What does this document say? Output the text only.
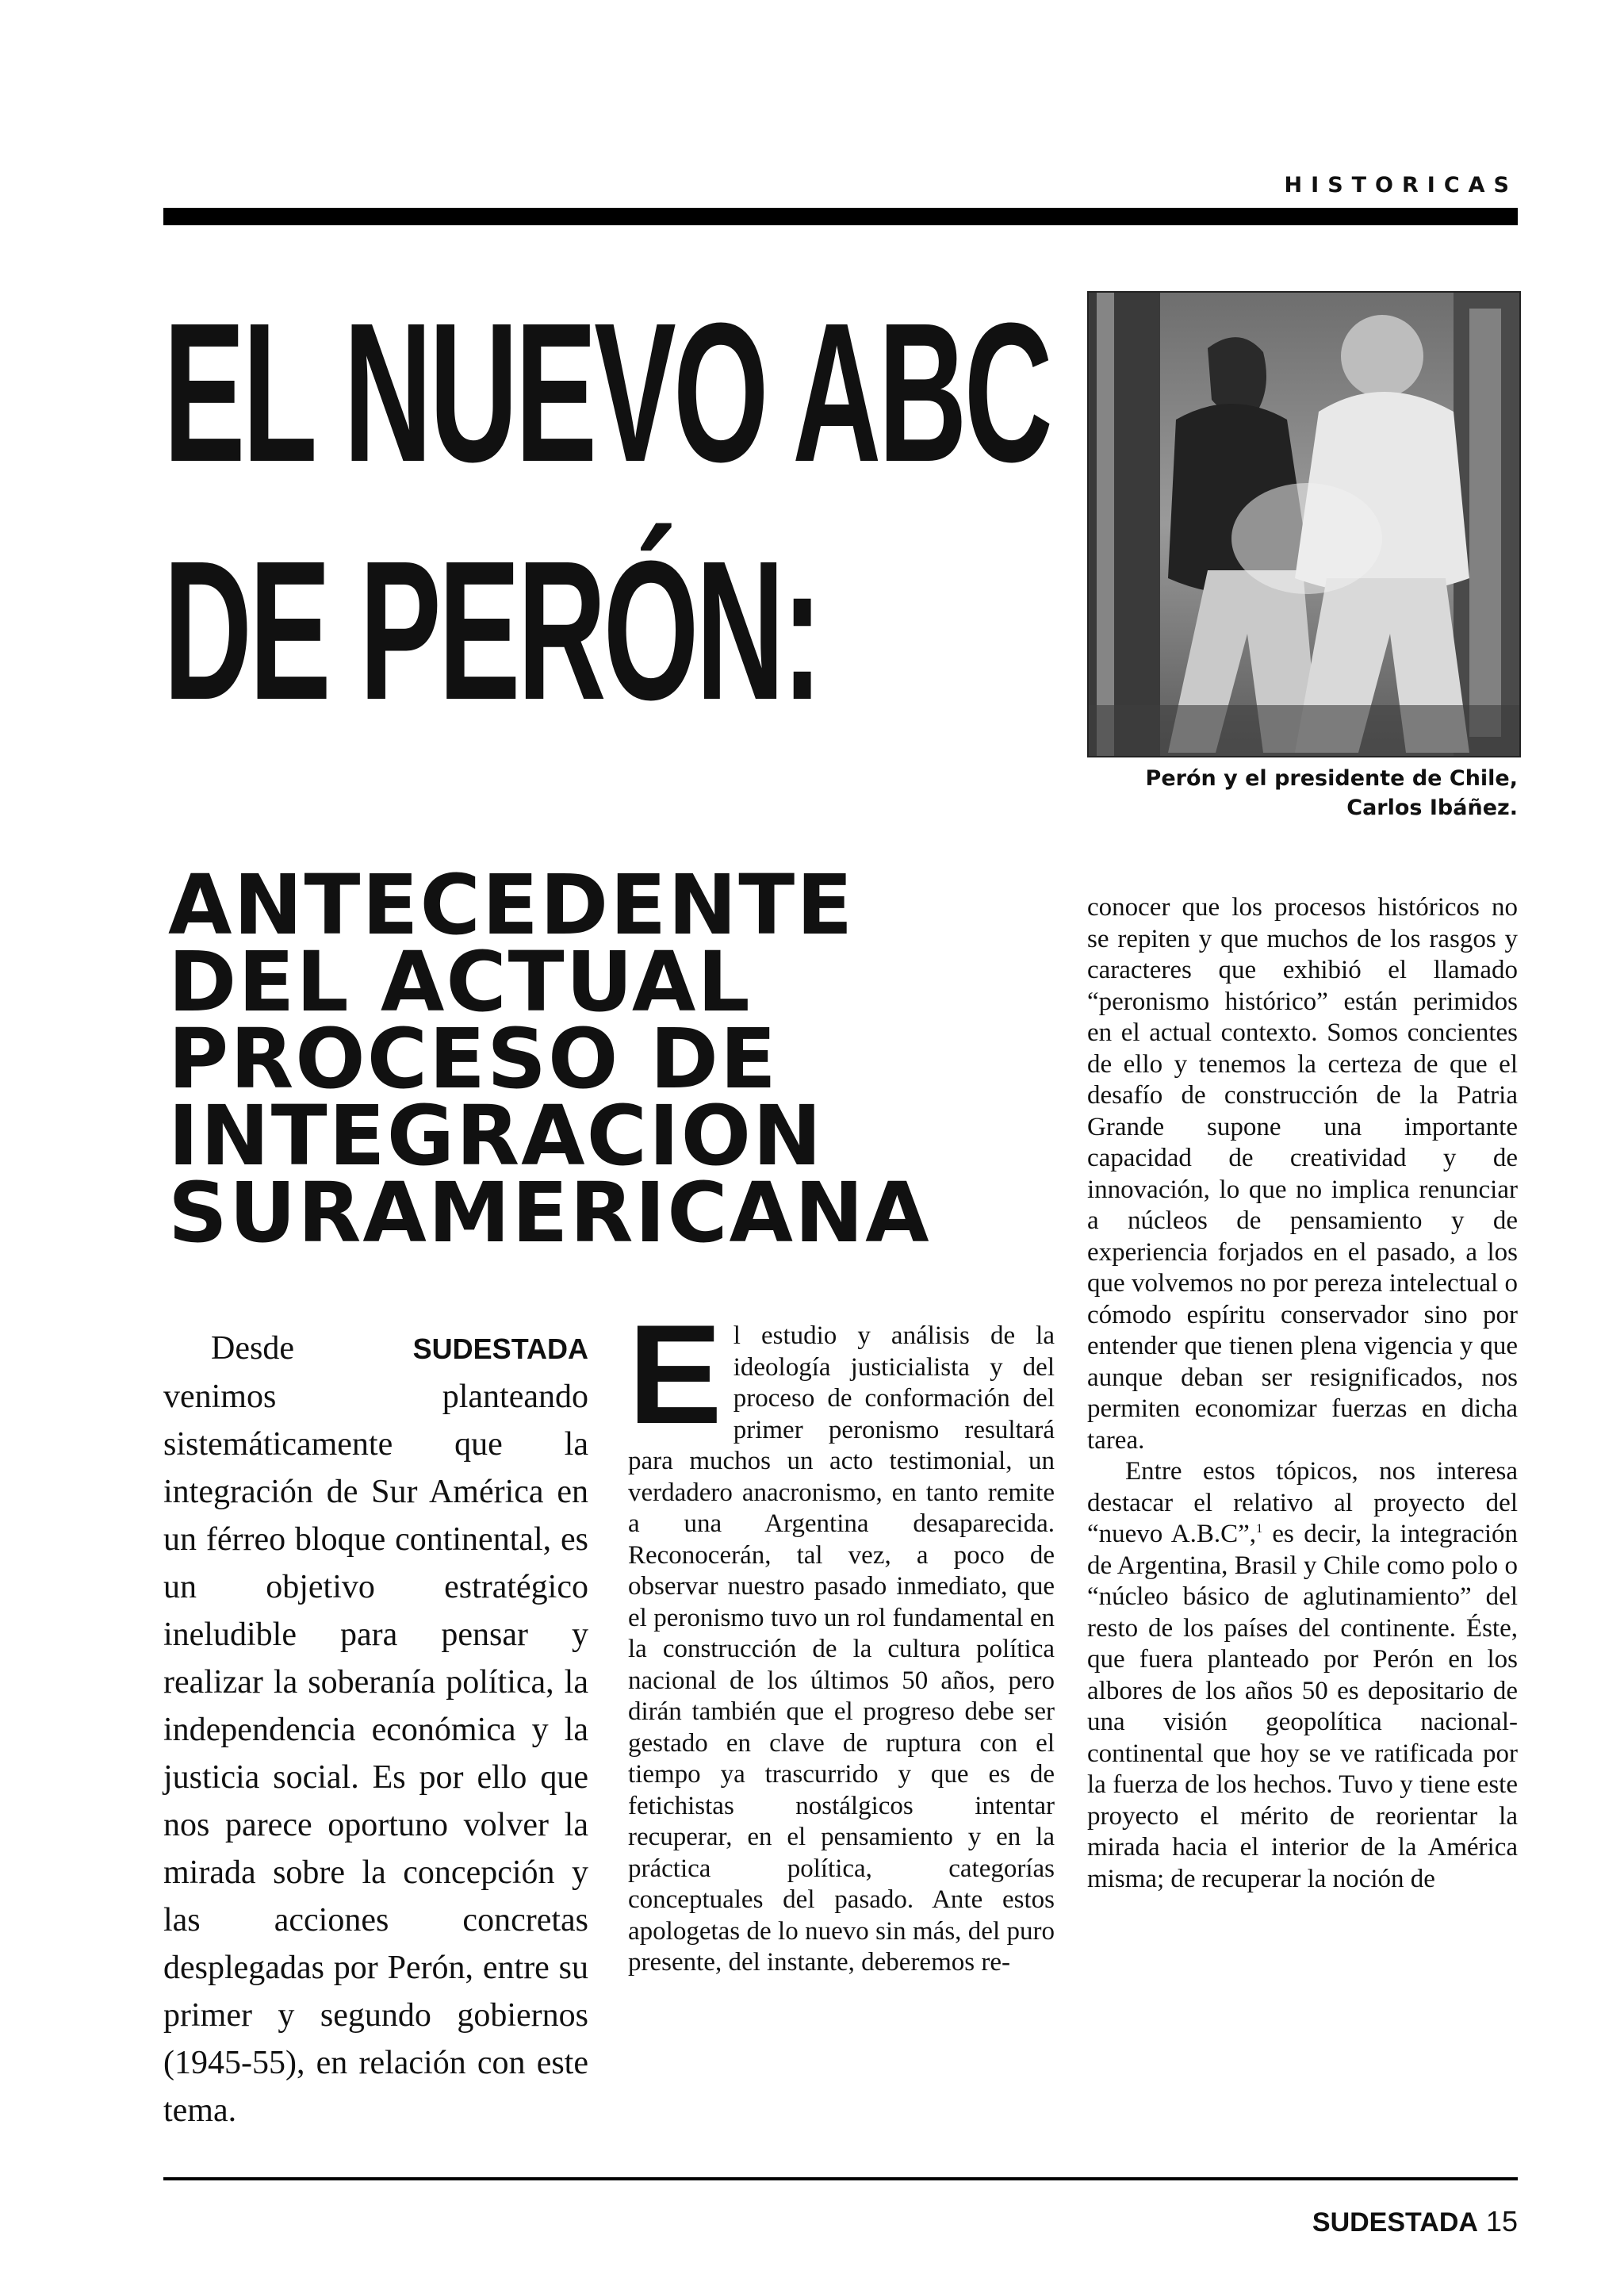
HISTORICAS
EL NUEVO ABC
DE PERÓN:
Perón y el presidente de Chile,
Carlos Ibáñez.
ANTECEDENTE
DEL ACTUAL
PROCESO DE
INTEGRACION
SURAMERICANA

Desde SUDESTADA venimos planteando sistemáticamente que la integración de Sur América en un férreo bloque continental, es un objetivo estratégico ineludible para pensar y realizar la soberanía política, la independencia económica y la justicia social. Es por ello que nos parece oportuno volver la mirada sobre la concepción y las acciones concretas desplegadas por Perón, entre su primer y segundo gobiernos (1945-55), en relación con este tema.

El estudio y análisis de la ideología justicialista y del proceso de conformación del primer peronismo resultará para muchos un acto testimonial, un verdadero anacronismo, en tanto remite a una Argentina desaparecida. Reconocerán, tal vez, a poco de observar nuestro pasado inmediato, que el peronismo tuvo un rol fundamental en la construcción de la cultura política nacional de los últimos 50 años, pero dirán también que el progreso debe ser gestado en clave de ruptura con el tiempo ya trascurrido y que es de fetichistas nostálgicos intentar recuperar, en el pensamiento y en la práctica política, categorías conceptuales del pasado. Ante estos apologetas de lo nuevo sin más, del puro presente, del instante, deberemos re-

conocer que los procesos históricos no se repiten y que muchos de los rasgos y caracteres que exhibió el llamado “peronismo histórico” están perimidos en el actual contexto. Somos concientes de ello y tenemos la certeza de que el desafío de construcción de la Patria Grande supone una importante capacidad de creatividad y de innovación, lo que no implica renunciar a núcleos de pensamiento y de experiencia forjados en el pasado, a los que volvemos no por pereza intelectual o cómodo espíritu conservador sino por entender que tienen plena vigencia y que aunque deban ser resignificados, nos permiten economizar fuerzas en dicha tarea.

Entre estos tópicos, nos interesa destacar el relativo al proyecto del “nuevo A.B.C”,$^1$ es decir, la integración de Argentina, Brasil y Chile como polo o “núcleo básico de aglutinamiento” del resto de los países del continente. Éste, que fuera planteado por Perón en los albores de los años 50 es depositario de una visión geopolítica nacional-continental que hoy se ve ratificada por la fuerza de los hechos. Tuvo y tiene este proyecto el mérito de reorientar la mirada hacia el interior de la América misma; de recuperar la noción de

SUDESTADA 15
